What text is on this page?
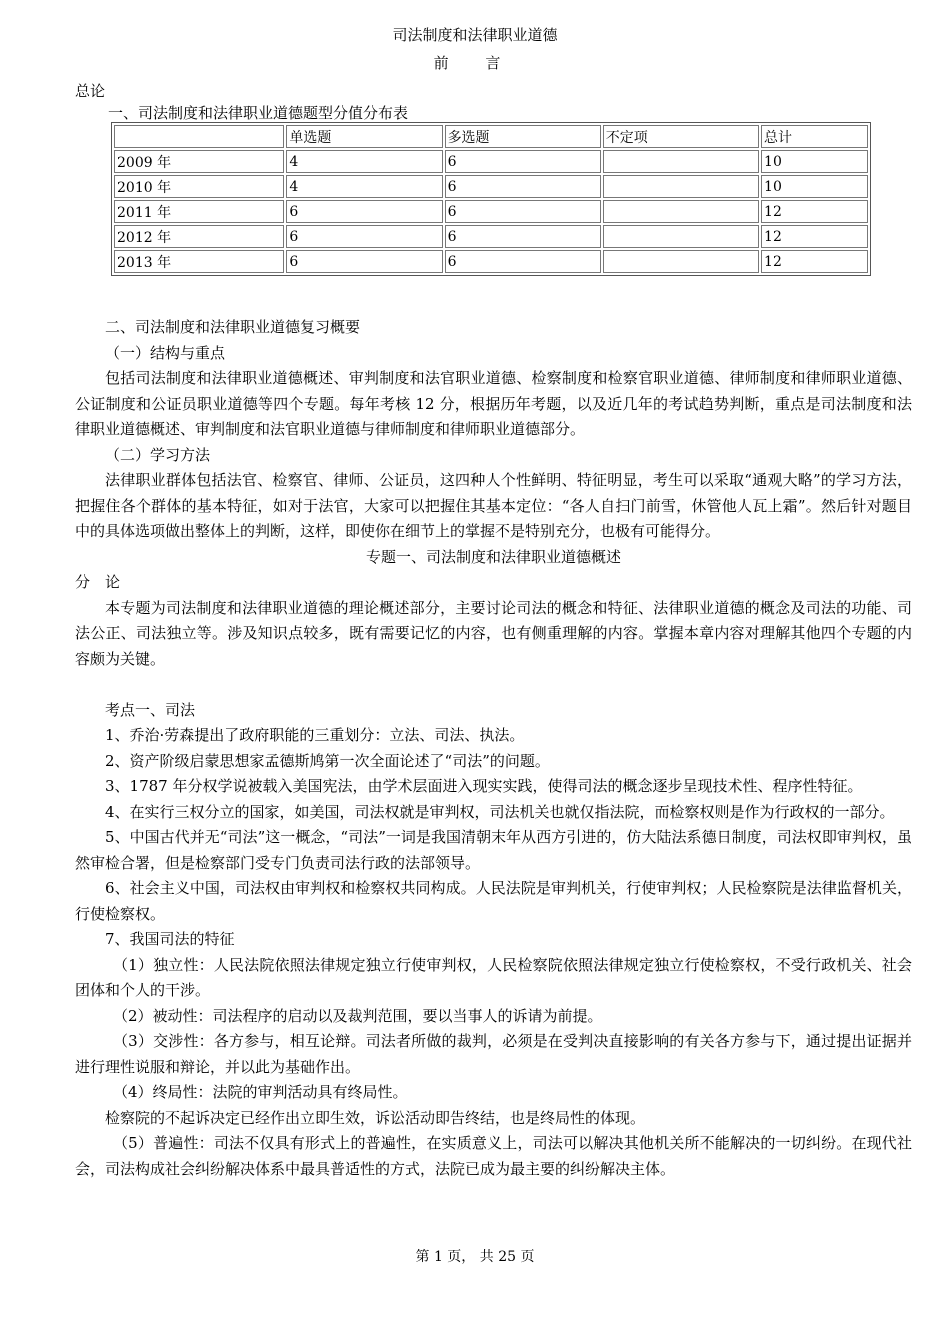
司法制度和法律职业道德
前 言
总论
一、司法制度和法律职业道德题型分值分布表
	单选题	多选题	不定项	总计
2009 年	4	6		10
2010 年	4	6		10
2011 年	6	6		12
2012 年	6	6		12
2013 年	6	6		12

二、司法制度和法律职业道德复习概要

（一）结构与重点

包括司法制度和法律职业道德概述、审判制度和法官职业道德、检察制度和检察官职业道德、律师制度和律师职业道德、公证制度和公证员职业道德等四个专题。每年考核 12 分，根据历年考题，以及近几年的考试趋势判断，重点是司法制度和法律职业道德概述、审判制度和法官职业道德与律师制度和律师职业道德部分。

（二）学习方法

法律职业群体包括法官、检察官、律师、公证员，这四种人个性鲜明、特征明显，考生可以采取“通观大略”的学习方法，把握住各个群体的基本特征，如对于法官，大家可以把握住其基本定位：“各人自扫门前雪，休管他人瓦上霜”。然后针对题目中的具体选项做出整体上的判断，这样，即使你在细节上的掌握不是特别充分，也极有可能得分。

专题一、司法制度和法律职业道德概述

分　论

本专题为司法制度和法律职业道德的理论概述部分，主要讨论司法的概念和特征、法律职业道德的概念及司法的功能、司法公正、司法独立等。涉及知识点较多，既有需要记忆的内容，也有侧重理解的内容。掌握本章内容对理解其他四个专题的内容颇为关键。

考点一、司法

1、乔治·劳森提出了政府职能的三重划分：立法、司法、执法。

2、资产阶级启蒙思想家孟德斯鸠第一次全面论述了“司法”的问题。

3、1787 年分权学说被载入美国宪法，由学术层面进入现实实践，使得司法的概念逐步呈现技术性、程序性特征。

4、在实行三权分立的国家，如美国，司法权就是审判权，司法机关也就仅指法院，而检察权则是作为行政权的一部分。

5、中国古代并无“司法”这一概念，“司法”一词是我国清朝末年从西方引进的，仿大陆法系德日制度，司法权即审判权，虽然审检合署，但是检察部门受专门负责司法行政的法部领导。

6、社会主义中国，司法权由审判权和检察权共同构成。人民法院是审判机关，行使审判权；人民检察院是法律监督机关，行使检察权。

7、我国司法的特征

（1）独立性：人民法院依照法律规定独立行使审判权，人民检察院依照法律规定独立行使检察权，不受行政机关、社会团体和个人的干涉。

（2）被动性：司法程序的启动以及裁判范围，要以当事人的诉请为前提。

（3）交涉性：各方参与，相互论辩。司法者所做的裁判，必须是在受判决直接影响的有关各方参与下，通过提出证据并进行理性说服和辩论，并以此为基础作出。

（4）终局性：法院的审判活动具有终局性。

检察院的不起诉决定已经作出立即生效，诉讼活动即告终结，也是终局性的体现。

（5）普遍性：司法不仅具有形式上的普遍性，在实质意义上，司法可以解决其他机关所不能解决的一切纠纷。在现代社会，司法构成社会纠纷解决体系中最具普适性的方式，法院已成为最主要的纠纷解决主体。

第 1 页， 共 25 页
